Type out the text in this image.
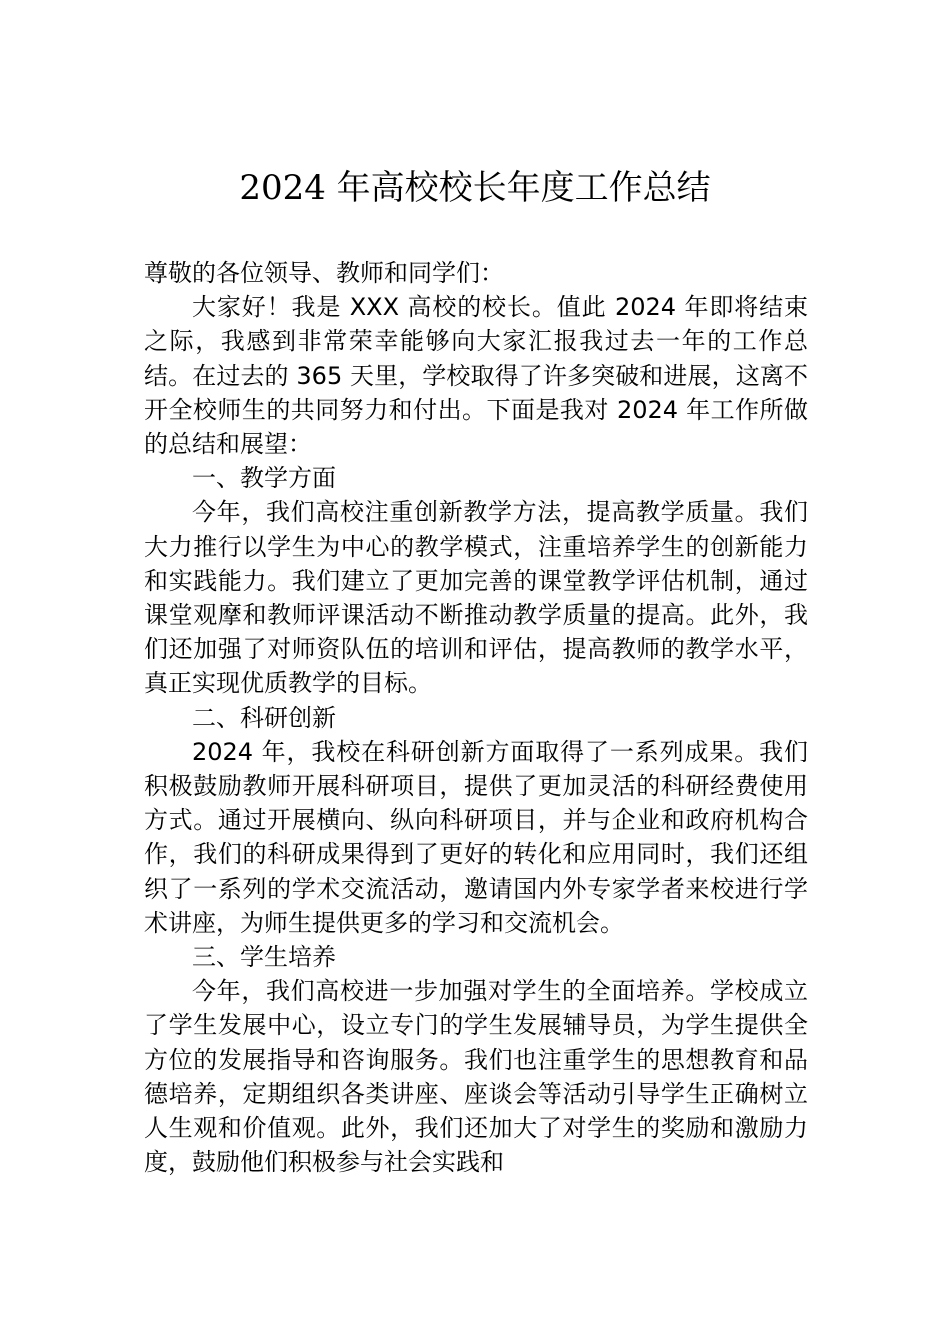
2024 年高校校长年度工作总结

尊敬的各位领导、教师和同学们：

大家好！我是 XXX 高校的校长。值此 2024 年即将结束之际，我感到非常荣幸能够向大家汇报我过去一年的工作总结。在过去的 365 天里，学校取得了许多突破和进展，这离不开全校师生的共同努力和付出。下面是我对 2024 年工作所做的总结和展望：

一、教学方面

今年，我们高校注重创新教学方法，提高教学质量。我们大力推行以学生为中心的教学模式，注重培养学生的创新能力和实践能力。我们建立了更加完善的课堂教学评估机制，通过课堂观摩和教师评课活动不断推动教学质量的提高。此外，我们还加强了对师资队伍的培训和评估，提高教师的教学水平，真正实现优质教学的目标。

二、科研创新

2024 年，我校在科研创新方面取得了一系列成果。我们积极鼓励教师开展科研项目，提供了更加灵活的科研经费使用方式。通过开展横向、纵向科研项目，并与企业和政府机构合作，我们的科研成果得到了更好的转化和应用同时，我们还组织了一系列的学术交流活动，邀请国内外专家学者来校进行学术讲座，为师生提供更多的学习和交流机会。

三、学生培养

今年，我们高校进一步加强对学生的全面培养。学校成立了学生发展中心，设立专门的学生发展辅导员，为学生提供全方位的发展指导和咨询服务。我们也注重学生的思想教育和品德培养，定期组织各类讲座、座谈会等活动引导学生正确树立人生观和价值观。此外，我们还加大了对学生的奖励和激励力度，鼓励他们积极参与社会实践和
